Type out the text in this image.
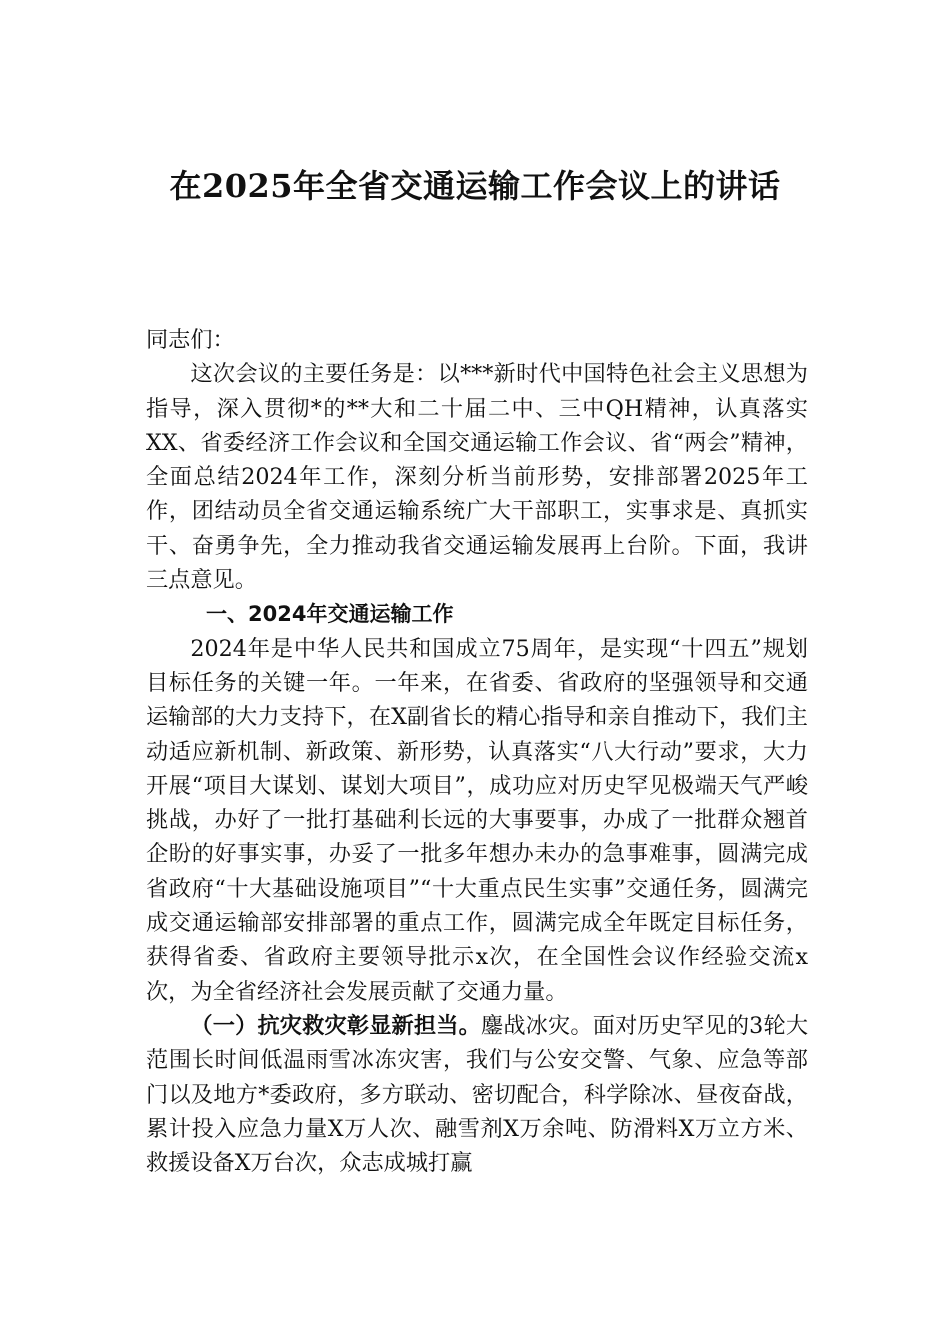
在2025年全省交通运输工作会议上的讲话

同志们：

这次会议的主要任务是：以***新时代中国特色社会主义思想为指导，深入贯彻*的**大和二十届二中、三中QH精神，认真落实XX、省委经济工作会议和全国交通运输工作会议、省“两会”精神，全面总结2024年工作，深刻分析当前形势，安排部署2025年工作，团结动员全省交通运输系统广大干部职工，实事求是、真抓实干、奋勇争先，全力推动我省交通运输发展再上台阶。下面，我讲三点意见。

一、2024年交通运输工作

2024年是中华人民共和国成立75周年，是实现“十四五”规划目标任务的关键一年。一年来，在省委、省政府的坚强领导和交通运输部的大力支持下，在X副省长的精心指导和亲自推动下，我们主动适应新机制、新政策、新形势，认真落实“八大行动”要求，大力开展“项目大谋划、谋划大项目”，成功应对历史罕见极端天气严峻挑战，办好了一批打基础利长远的大事要事，办成了一批群众翘首企盼的好事实事，办妥了一批多年想办未办的急事难事，圆满完成省政府“十大基础设施项目”“十大重点民生实事”交通任务，圆满完成交通运输部安排部署的重点工作，圆满完成全年既定目标任务，获得省委、省政府主要领导批示x次，在全国性会议作经验交流x次，为全省经济社会发展贡献了交通力量。

（一）抗灾救灾彰显新担当。鏖战冰灾。面对历史罕见的3轮大范围长时间低温雨雪冰冻灾害，我们与公安交警、气象、应急等部门以及地方*委政府，多方联动、密切配合，科学除冰、昼夜奋战，累计投入应急力量X万人次、融雪剂X万余吨、防滑料X万立方米、救援设备X万台次，众志成城打赢
